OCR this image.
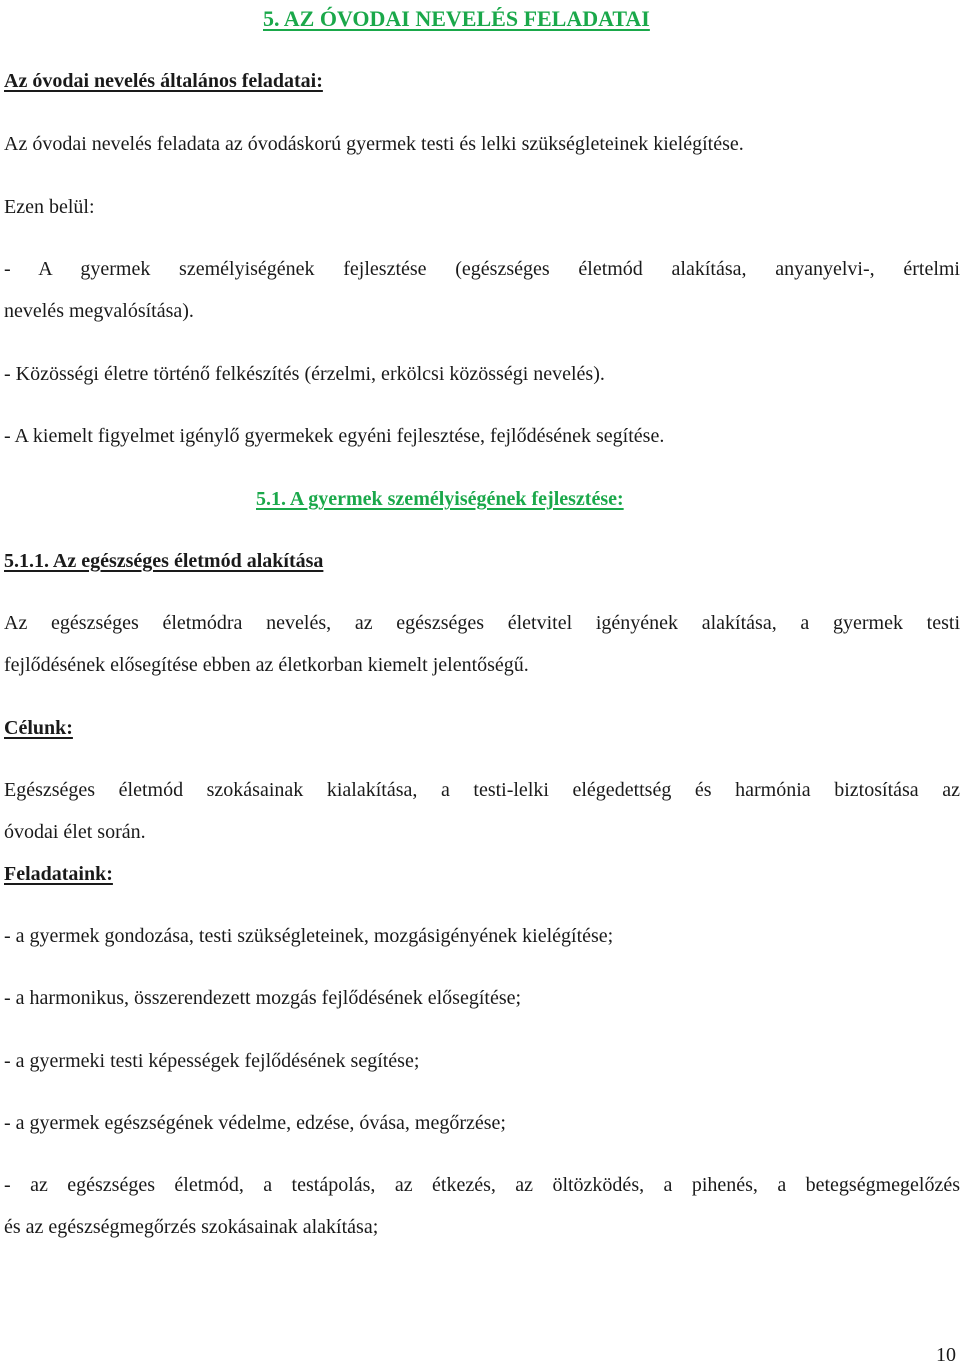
5. AZ ÓVODAI NEVELÉS FELADATAI
Az óvodai nevelés általános feladatai:
Az óvodai nevelés feladata az óvodáskorú gyermek testi és lelki szükségleteinek kielégítése.
Ezen belül:
- A gyermek személyiségének fejlesztése (egészséges életmód alakítása, anyanyelvi-, értelmi
nevelés megvalósítása).
- Közösségi életre történő felkészítés (érzelmi, erkölcsi közösségi nevelés).
- A kiemelt figyelmet igénylő gyermekek egyéni fejlesztése, fejlődésének segítése.
5.1. A gyermek személyiségének fejlesztése:
5.1.1. Az egészséges életmód alakítása
Az egészséges életmódra nevelés, az egészséges életvitel igényének alakítása, a gyermek testi
fejlődésének elősegítése ebben az életkorban kiemelt jelentőségű.
Célunk:
Egészséges életmód szokásainak kialakítása, a testi-lelki elégedettség és harmónia biztosítása az
óvodai élet során.
Feladataink:
- a gyermek gondozása, testi szükségleteinek, mozgásigényének kielégítése;
- a harmonikus, összerendezett mozgás fejlődésének elősegítése;
- a gyermeki testi képességek fejlődésének segítése;
- a gyermek egészségének védelme, edzése, óvása, megőrzése;
- az egészséges életmód, a testápolás, az étkezés, az öltözködés, a pihenés, a betegségmegelőzés
és az egészségmegőrzés szokásainak alakítása;
10
